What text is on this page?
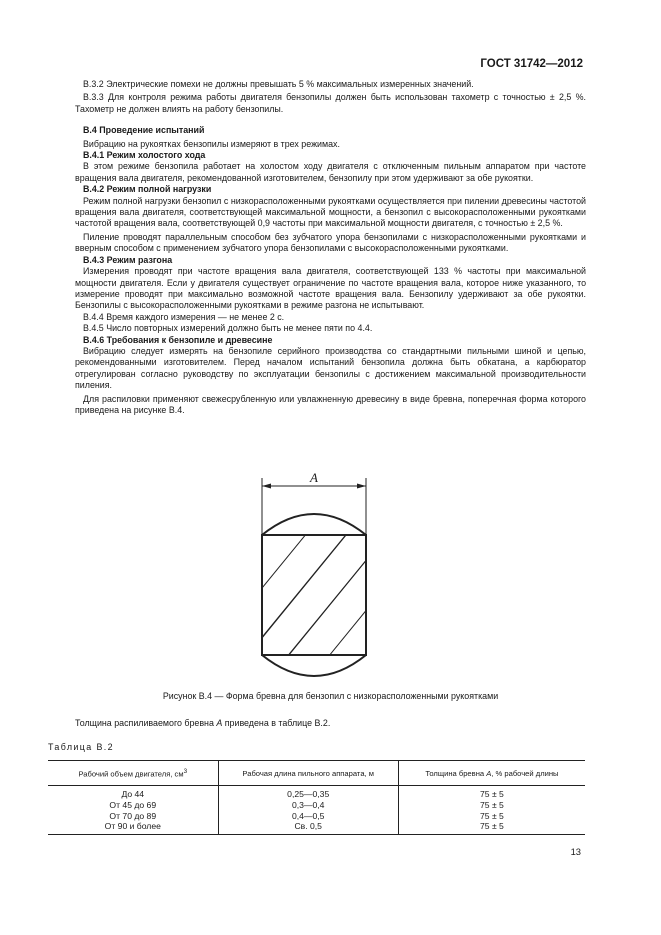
ГОСТ 31742—2012

В.3.2 Электрические помехи не должны превышать 5 % максимальных измеренных значений.

В.3.3 Для контроля режима работы двигателя бензопилы должен быть использован тахометр с точностью ± 2,5 %. Тахометр не должен влиять на работу бензопилы.

В.4 Проведение испытаний

Вибрацию на рукоятках бензопилы измеряют в трех режимах.

В.4.1 Режим холостого хода

В этом режиме бензопила работает на холостом ходу двигателя с отключенным пильным аппаратом при частоте вращения вала двигателя, рекомендованной изготовителем, бензопилу при этом удерживают за обе рукоятки.

В.4.2 Режим полной нагрузки

Режим полной нагрузки бензопил с низкорасположенными рукоятками осуществляется при пилении древесины частотой вращения вала двигателя, соответствующей максимальной мощности, а бензопил с высокорасположенными рукоятками частотой вращения вала, соответствующей 0,9 частоты при максимальной мощности двигателя, с точностью ± 2,5 %.

Пиление проводят параллельным способом без зубчатого упора бензопилами с низкорасположенными рукоятками и вверным способом с применением зубчатого упора бензопилами с высокорасположенными рукоятками.

В.4.3 Режим разгона

Измерения проводят при частоте вращения вала двигателя, соответствующей 133 % частоты при максимальной мощности двигателя. Если у двигателя существует ограничение по частоте вращения вала, которое ниже указанного, то измерение проводят при максимально возможной частоте вращения вала. Бензопилу удерживают за обе рукоятки. Бензопилы с высокорасположенными рукоятками в режиме разгона не испытывают.

В.4.4 Время каждого измерения — не менее 2 с.

В.4.5 Число повторных измерений должно быть не менее пяти по 4.4.

В.4.6 Требования к бензопиле и древесине

Вибрацию следует измерять на бензопиле серийного производства со стандартными пильными шиной и цепью, рекомендованными изготовителем. Перед началом испытаний бензопила должна быть обкатана, а карбюратор отрегулирован согласно руководству по эксплуатации бензопилы с достижением максимальной производительности пиления.

Для распиловки применяют свежесрубленную или увлажненную древесину в виде бревна, поперечная форма которого приведена на рисунке В.4.

A
Рисунок В.4 — Форма бревна для бензопил с низкорасположенными рукоятками
Толщина распиливаемого бревна A приведена в таблице В.2.
Таблица В.2
Рабочий объем двигателя, $см^3$	Рабочая длина пильного аппарата, м	Толщина бревна A, % рабочей длины
До 44	0,25—0,35	75 ± 5
От 45 до 69	0,3—0,4	75 ± 5
От 70 до 89	0,4—0,5	75 ± 5
От 90 и более	Св. 0,5	75 ± 5
13
